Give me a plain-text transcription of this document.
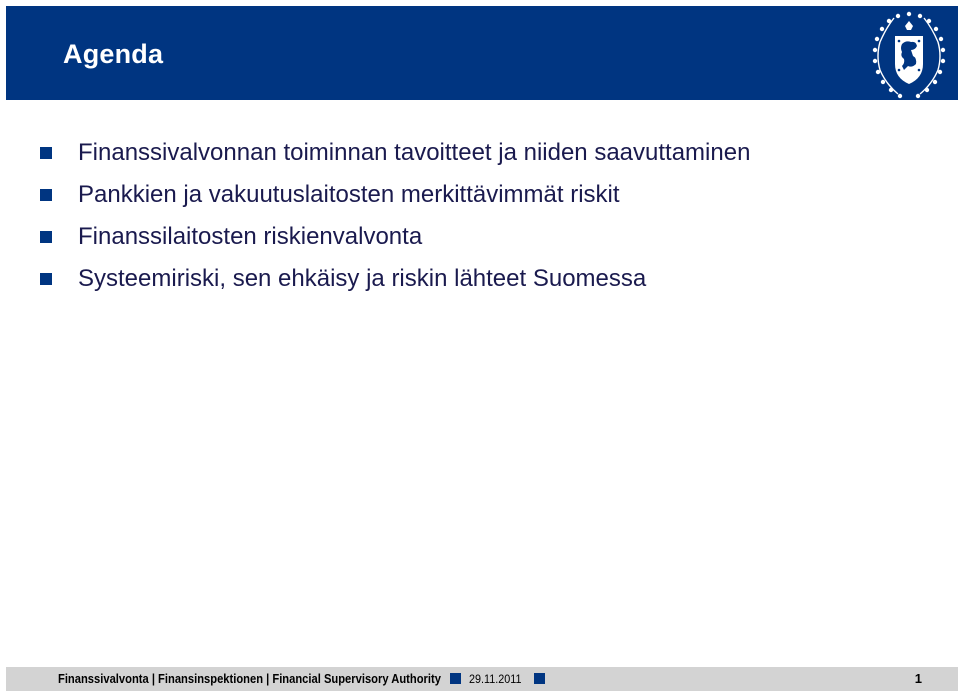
Agenda
Finanssivalvonnan toiminnan tavoitteet ja niiden saavuttaminen
Pankkien ja vakuutuslaitosten merkittävimmät riskit
Finanssilaitosten riskienvalvonta
Systeemiriski, sen ehkäisy ja riskin lähteet Suomessa
Finanssivalvonta | Finansinspektionen | Financial Supervisory Authority 29.11.2011	1
